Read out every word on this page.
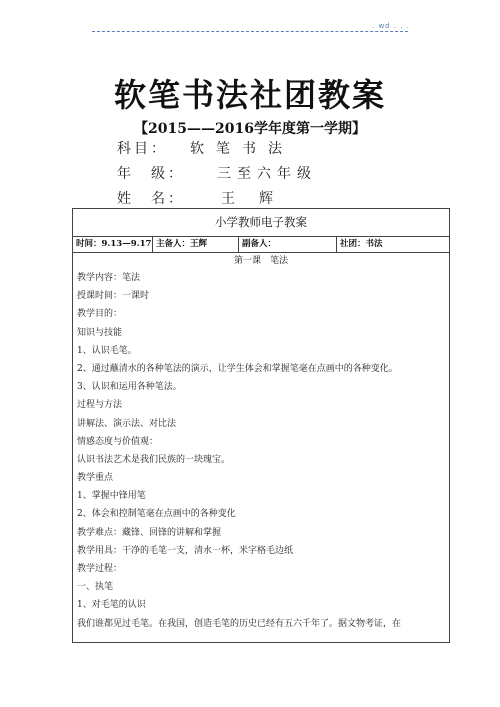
. wd . . .
软笔书法社团教案
【2015——2016学年度第一学期】
科目： 软笔书法
年　级： 三至六年级
姓　名：	王辉
小学教师电子教案
时间：9.13—9.17 主备人：王辉	副备人：	社团：书法
第一课　笔法
教学内容：笔法
授课时间：一课时
教学目的：
知识与技能
1、认识毛笔。
2、通过蘸清水的各种笔法的演示，让学生体会和掌握笔毫在点画中的各种变化。
3、认识和运用各种笔法。
过程与方法
讲解法、演示法、对比法
情感态度与价值观：
认识书法艺术是我们民族的一块瑰宝。
教学重点
1、掌握中锋用笔
2、体会和控制笔毫在点画中的各种变化
教学难点：藏锋、回锋的讲解和掌握
教学用具：干净的毛笔一支，清水一杯，米字格毛边纸
教学过程：
一、执笔
1、对毛笔的认识
我们谁都见过毛笔。在我国，创造毛笔的历史已经有五六千年了。据文物考证，在
